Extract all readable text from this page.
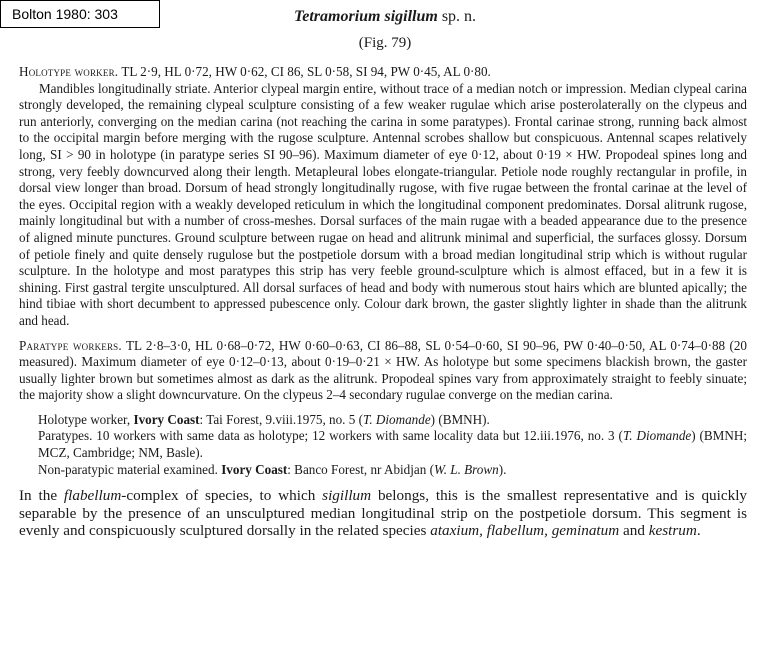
Bolton 1980: 303	Tetramorium sigillum sp. n.
(Fig. 79)

Holotype worker. TL 2·9, HL 0·72, HW 0·62, CI 86, SL 0·58, SI 94, PW 0·45, AL 0·80.

Mandibles longitudinally striate. Anterior clypeal margin entire, without trace of a median notch or impression. Median clypeal carina strongly developed, the remaining clypeal sculpture consisting of a few weaker rugulae which arise posterolaterally on the clypeus and run anteriorly, converging on the median carina (not reaching the carina in some paratypes). Frontal carinae strong, running back almost to the occipital margin before merging with the rugose sculpture. Antennal scrobes shallow but conspicuous. Antennal scapes relatively long, SI > 90 in holotype (in paratype series SI 90–96). Maximum diameter of eye 0·12, about 0·19 × HW. Propodeal spines long and strong, very feebly downcurved along their length. Metapleural lobes elongate-triangular. Petiole node roughly rectangular in profile, in dorsal view longer than broad. Dorsum of head strongly longitudinally rugose, with five rugae between the frontal carinae at the level of the eyes. Occipital region with a weakly developed reticulum in which the longitudinal component predominates. Dorsal alitrunk rugose, mainly longitudinal but with a number of cross-meshes. Dorsal surfaces of the main rugae with a beaded appearance due to the presence of aligned minute punctures. Ground sculpture between rugae on head and alitrunk minimal and superficial, the surfaces glossy. Dorsum of petiole finely and quite densely rugulose but the postpetiole dorsum with a broad median longitudinal strip which is without rugular sculpture. In the holotype and most paratypes this strip has very feeble ground-sculpture which is almost effaced, but in a few it is shining. First gastral tergite unsculptured. All dorsal surfaces of head and body with numerous stout hairs which are blunted apically; the hind tibiae with short decumbent to appressed pubescence only. Colour dark brown, the gaster slightly lighter in shade than the alitrunk and head.

Paratype workers. TL 2·8–3·0, HL 0·68–0·72, HW 0·60–0·63, CI 86–88, SL 0·54–0·60, SI 90–96, PW 0·40–0·50, AL 0·74–0·88 (20 measured). Maximum diameter of eye 0·12–0·13, about 0·19–0·21 × HW. As holotype but some specimens blackish brown, the gaster usually lighter brown but sometimes almost as dark as the alitrunk. Propodeal spines vary from approximately straight to feebly sinuate; the majority show a slight downcurvature. On the clypeus 2–4 secondary rugulae converge on the median carina.

Holotype worker, Ivory Coast: Tai Forest, 9.viii.1975, no. 5 (T. Diomande) (BMNH).

Paratypes. 10 workers with same data as holotype; 12 workers with same locality data but 12.iii.1976, no. 3 (T. Diomande) (BMNH; MCZ, Cambridge; NM, Basle).

Non-paratypic material examined. Ivory Coast: Banco Forest, nr Abidjan (W. L. Brown).

In the flabellum-complex of species, to which sigillum belongs, this is the smallest representative and is quickly separable by the presence of an unsculptured median longitudinal strip on the postpetiole dorsum. This segment is evenly and conspicuously sculptured dorsally in the related species ataxium, flabellum, geminatum and kestrum.
